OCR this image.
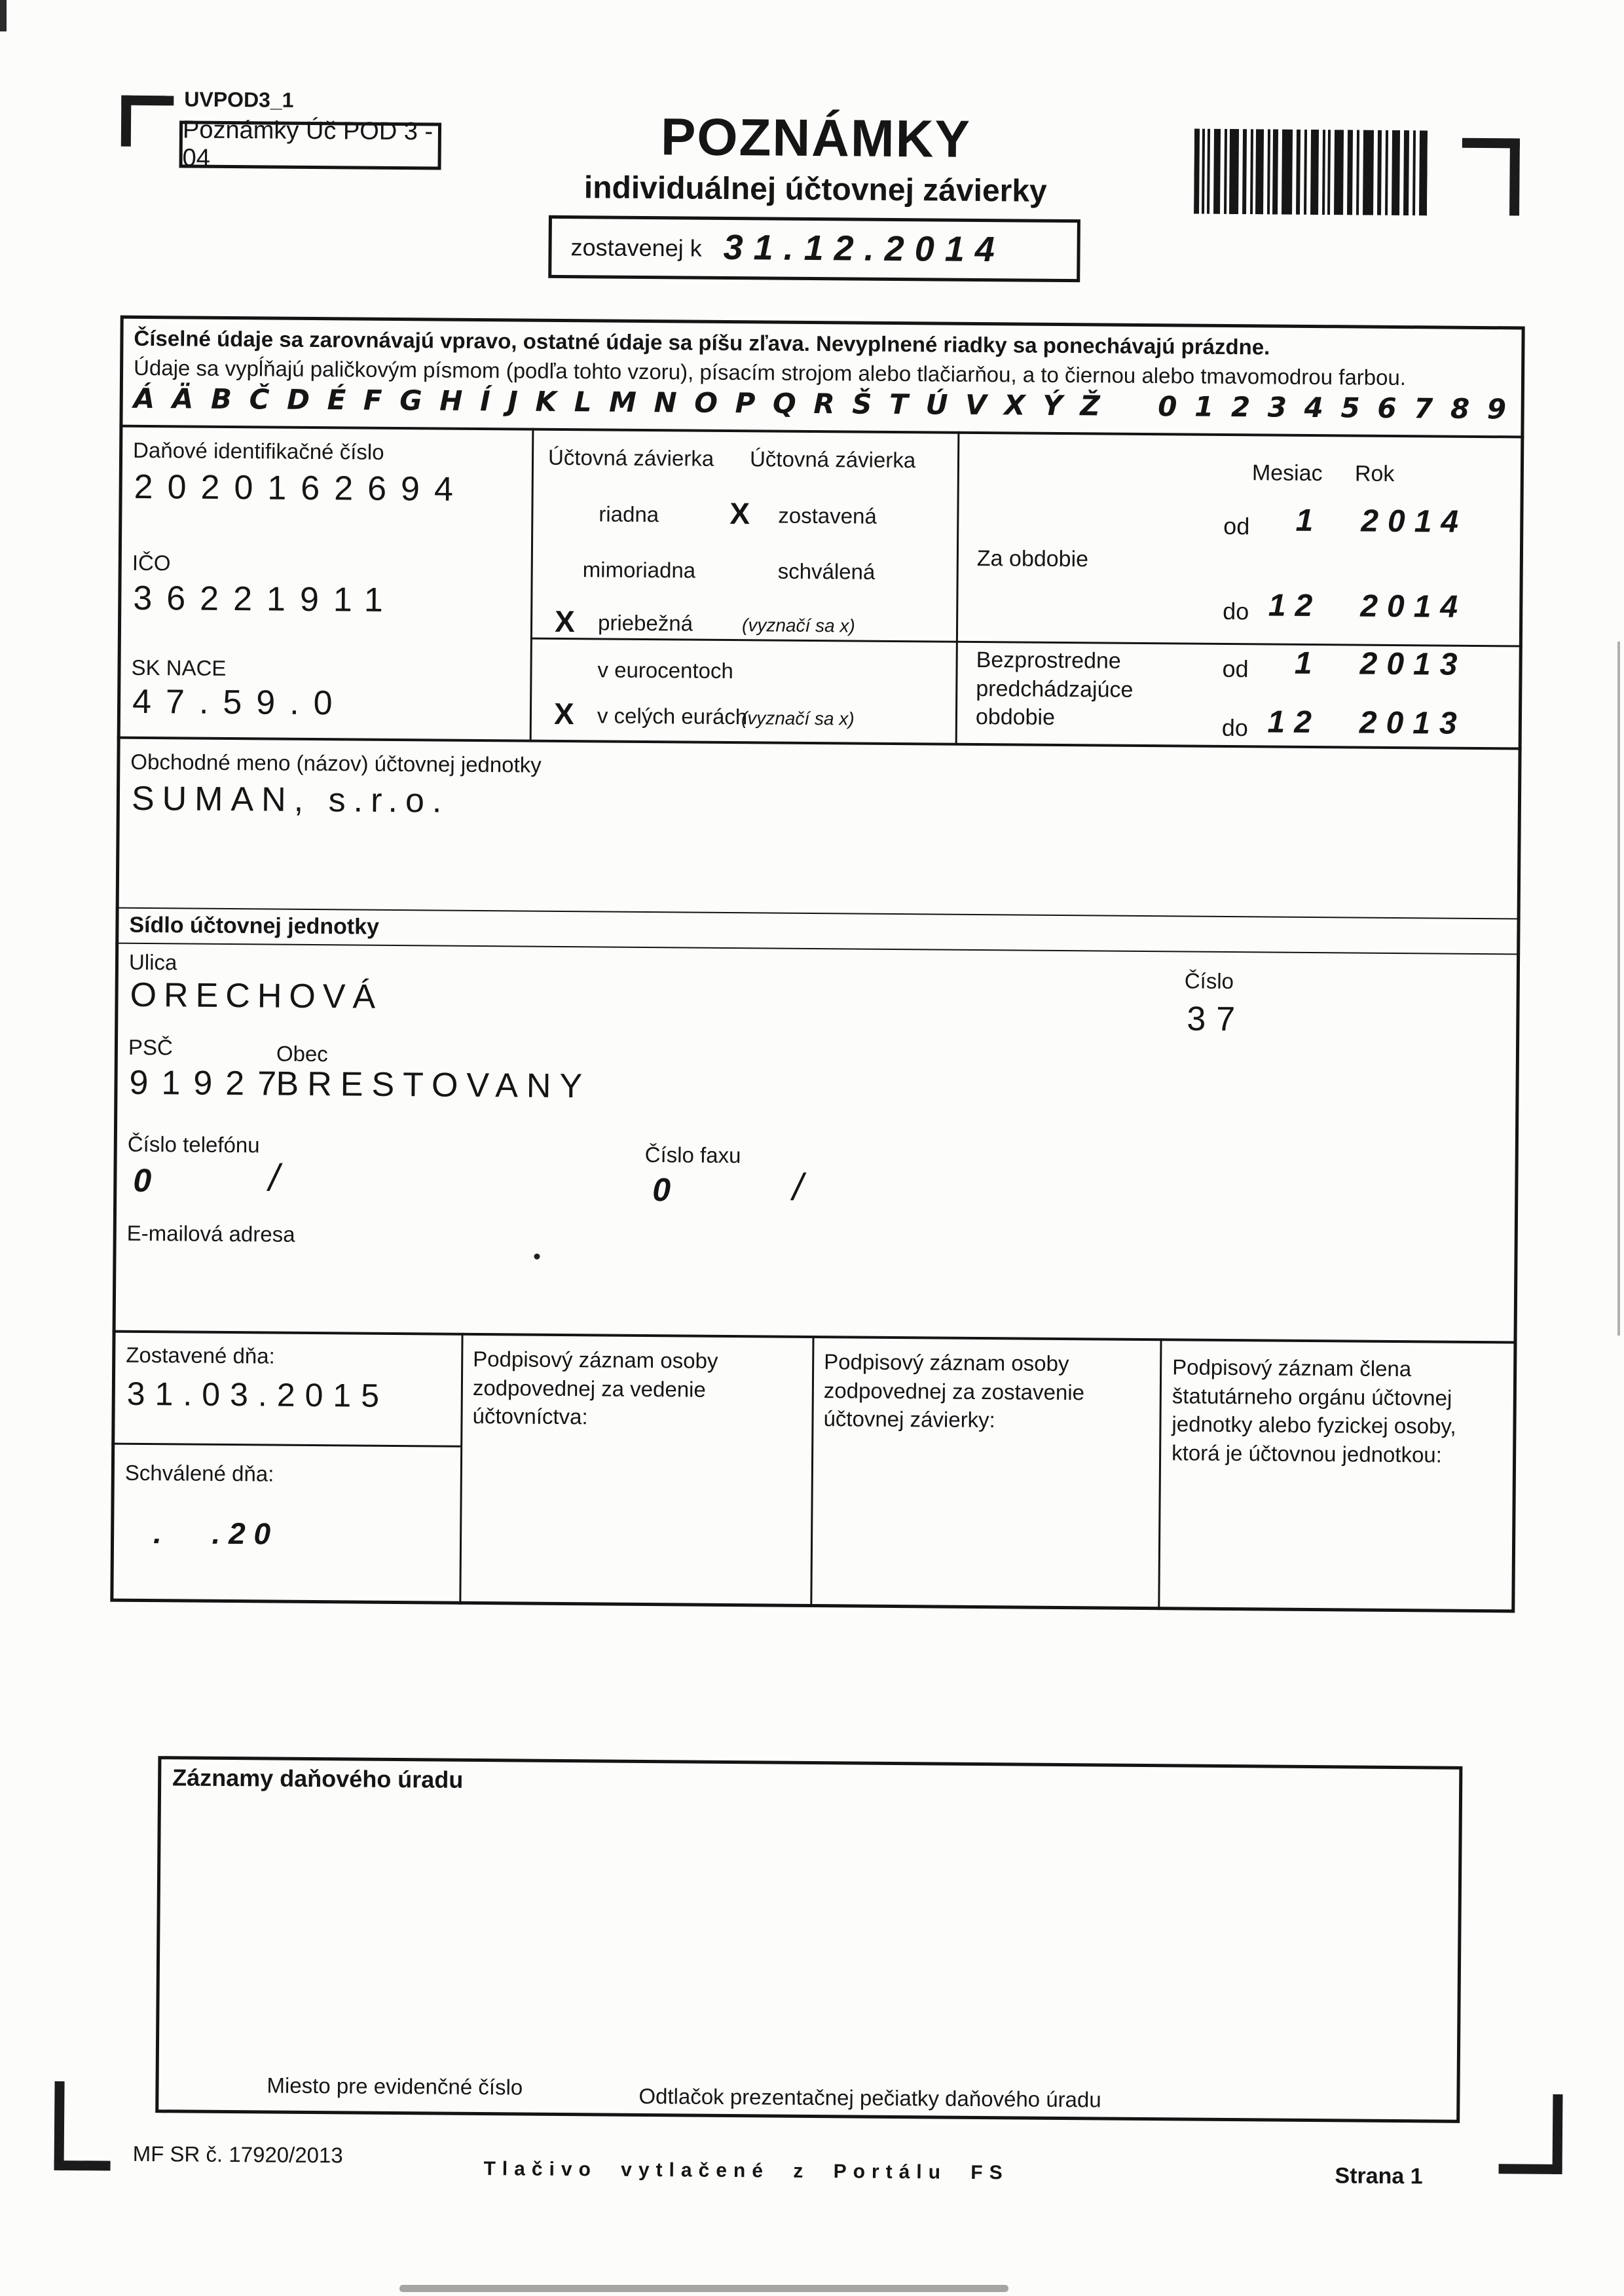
UVPOD3_1
Poznámky Úč POD 3 - 04	POZNÁMKY
individuálnej účtovnej závierky
zostavenej k 31.12.2014
Číselné údaje sa zarovnávajú vpravo, ostatné údaje sa píšu zľava. Nevyplnené riadky sa ponechávajú prázdne.
Údaje sa vypĺňajú paličkovým písmom (podľa tohto vzoru), písacím strojom alebo tlačiarňou, a to čiernou alebo tmavomodrou farbou.
Á Ä B Č D É F G H Í J K L M N O P Q R Š T Ú V X Ý Ž    0 1 2 3 4 5 6 7 8 9
Daňové identifikačné číslo
2020162694
IČO
36221911
SK NACE
47.59.0
Účtovná závierka Účtovná závierka
riadna X zostavená
mimoriadna	schválená
X priebežná	(vyznačí sa x)
v eurocentoch
X v celých eurách
(vyznačí sa x)
Mesiac Rok
Za obdobie
od	1 2014
do 12 2014
Bezprostredne
predchádzajúce
obdobie
od	1 2013
do 12 2013
Obchodné meno (názov) účtovnej jednotky
SUMAN, s.r.o.
Sídlo účtovnej jednotky
Ulica
Číslo
ORECHOVÁ
37
PSČ	Obec
91927
BRESTOVANY
Číslo telefónu	Číslo faxu
0	/	0	/
E-mailová adresa
Zostavené dňa:
31.03.2015
Schválené dňa:
.      . 2 0
Podpisový záznam osoby zodpovednej za vedenie účtovníctva:
Podpisový záznam osoby zodpovednej za zostavenie účtovnej závierky:
Podpisový záznam člena štatutárneho orgánu účtovnej jednotky alebo fyzickej osoby, ktorá je účtovnou jednotkou:
Záznamy daňového úradu
Miesto pre evidenčné číslo	Odtlačok prezentačnej pečiatky daňového úradu
MF SR č. 17920/2013
Tlačivo vytlačené z Portálu FS	Strana 1
